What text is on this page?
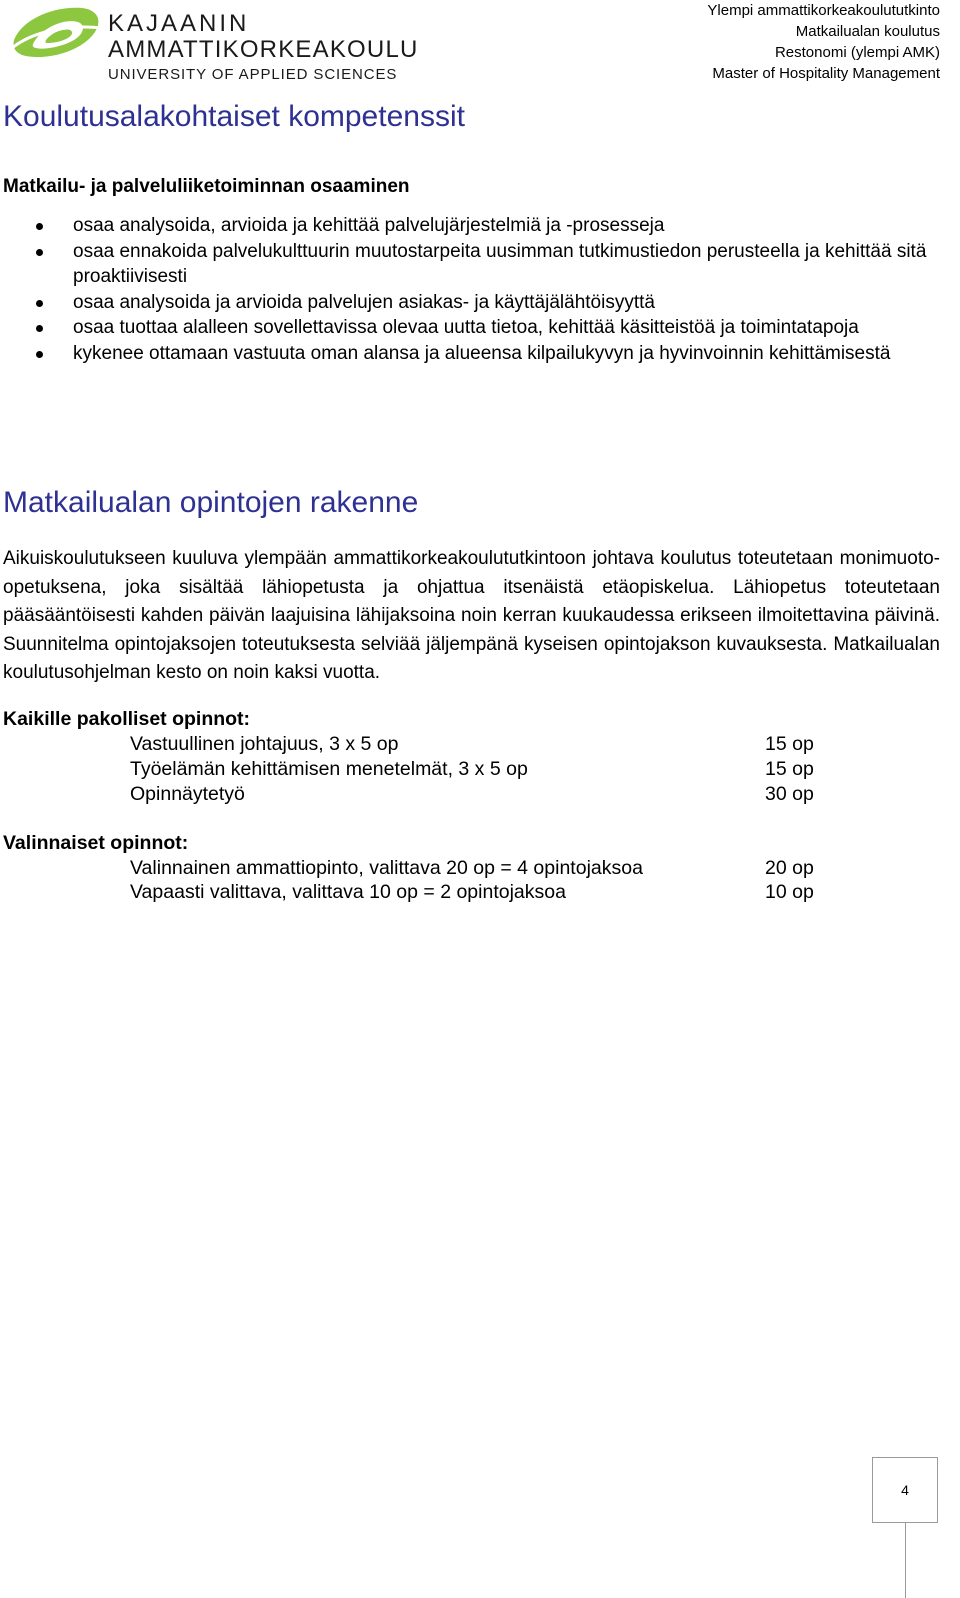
KAJAANIN
AMMATTIKORKEAKOULU
UNIVERSITY OF APPLIED SCIENCES
Ylempi ammattikorkeakoulututkinto
Matkailualan koulutus
Restonomi (ylempi AMK)
Master of Hospitality Management
Koulutusalakohtaiset kompetenssit
Matkailu- ja palveluliiketoiminnan osaaminen
osaa analysoida, arvioida ja kehittää palvelujärjestelmiä ja -prosesseja
osaa ennakoida palvelukulttuurin muutostarpeita uusimman tutkimustiedon perusteella ja kehittää sitä proaktiivisesti
osaa analysoida ja arvioida palvelujen asiakas- ja käyttäjälähtöisyyttä
osaa tuottaa alalleen sovellettavissa olevaa uutta tietoa, kehittää käsitteistöä ja toimintatapoja
kykenee ottamaan vastuuta oman alansa ja alueensa kilpailukyvyn ja hyvinvoinnin kehittämisestä
Matkailualan opintojen rakenne
Aikuiskoulutukseen kuuluva ylempään ammattikorkeakoulututkintoon johtava koulutus toteutetaan monimuoto-opetuksena, joka sisältää lähiopetusta ja ohjattua itsenäistä etäopiskelua. Lähiopetus toteutetaan pääsääntöisesti kahden päivän laajuisina lähijaksoina noin kerran kuukaudessa erikseen ilmoitettavina päivinä. Suunnitelma opintojaksojen toteutuksesta selviää jäljempänä kyseisen opintojakson kuvauksesta. Matkailualan koulutusohjelman kesto on noin kaksi vuotta.
Kaikille pakolliset opinnot:
Vastuullinen johtajuus, 3 x 5 op	15 op
Työelämän kehittämisen menetelmät, 3 x 5 op	15 op
Opinnäytetyö	30 op
Valinnaiset opinnot:
Valinnainen ammattiopinto, valittava 20 op = 4 opintojaksoa	20 op
Vapaasti valittava, valittava 10 op = 2 opintojaksoa	10 op
4
